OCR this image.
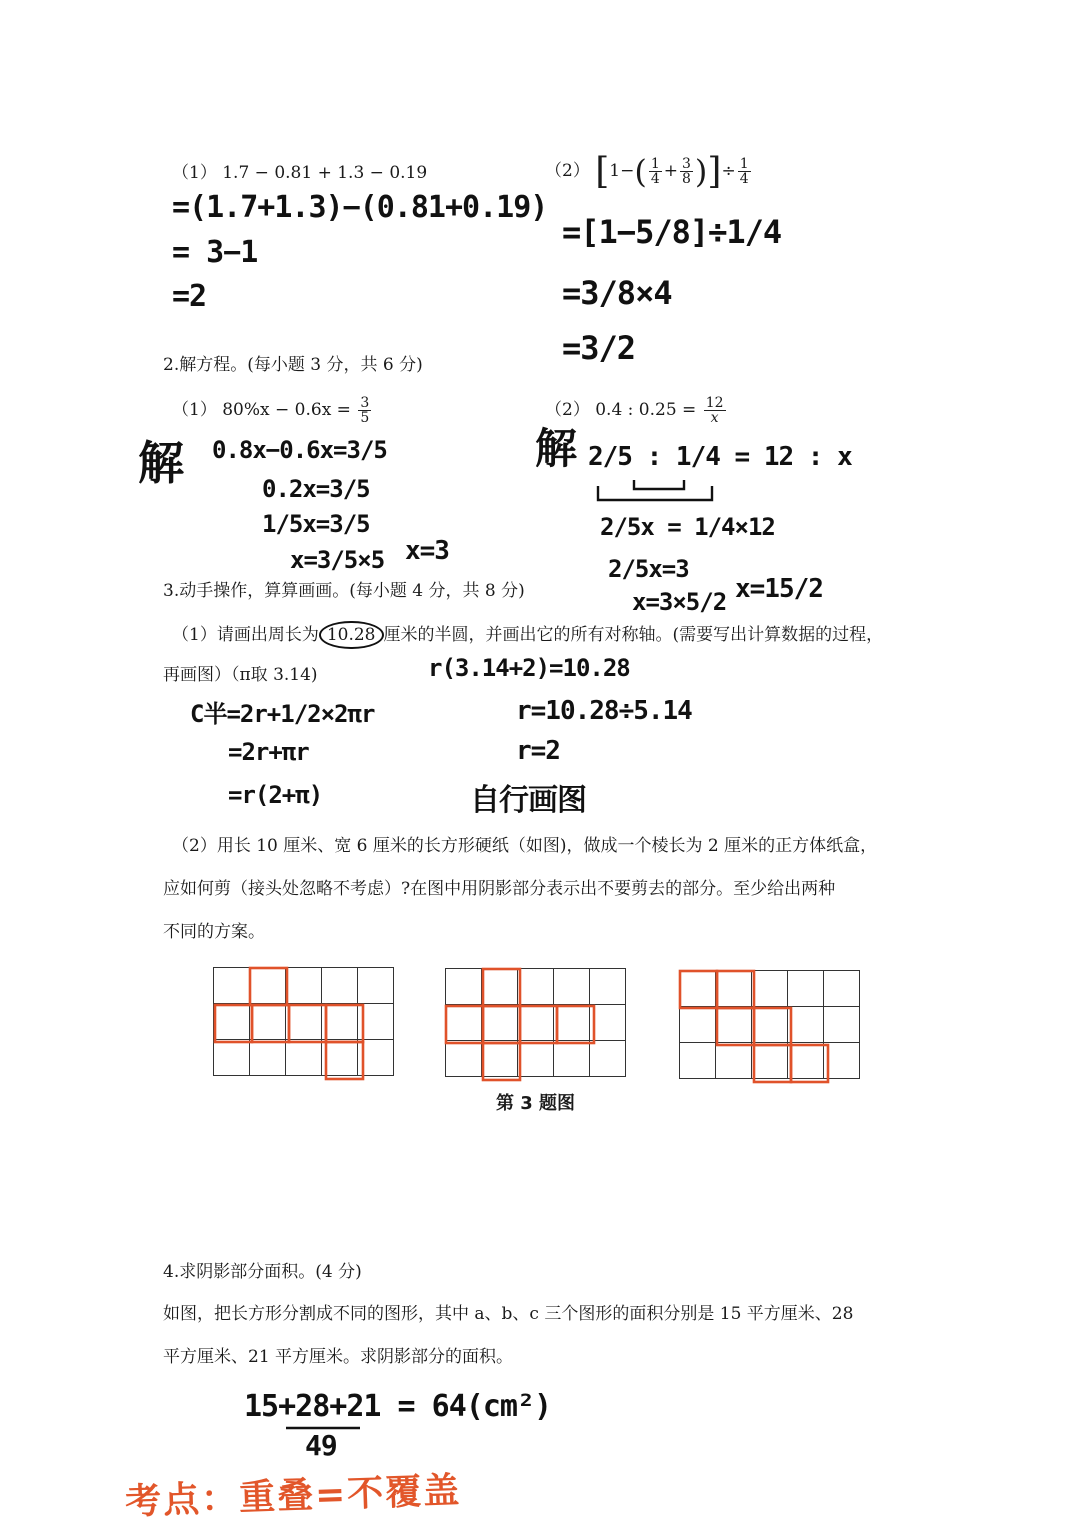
（1） 1.7 − 0.81 + 1.3 − 0.19
=(1.7+1.3)−(0.81+0.19)
= 3−1
=2
（2） [$1-( \frac{1}{4} + \frac{3}{8}$ )]÷ $\frac{1}{4}$
=[1−5/8]÷1/4
=3/8×4
=3/2
2.解方程。(每小题 3 分，共 6 分)
（1） $80\%x - 0.6x = \frac{3}{5}$
解 0.8x−0.6x=3/5
0.2x=3/5
1/5x=3/5
x=3/5×5 x=3
（2） 0.4 : $0.25 = \frac{12}{x}$
解 2/5 : 1/4 = 12 : x
2/5x = 1/4×12
2/5x=3
x=3×5/2 x=15/2
3.动手操作，算算画画。(每小题 4 分，共 8 分)
（1）请画出周长为 10.28 厘米的半圆，并画出它的所有对称轴。(需要写出计算数据的过程，
再画图）（π取 3.14)	r(3.14+2)=10.28
r=10.28÷5.14
r=2
C半=2r+1/2×2πr
=2r+πr
=r(2+π)	自行画图
（2）用长 10 厘米、宽 6 厘米的长方形硬纸（如图)，做成一个棱长为 2 厘米的正方体纸盒，
应如何剪（接头处忽略不考虑）?在图中用阴影部分表示出不要剪去的部分。至少给出两种
不同的方案。

第 3 题图
4.求阴影部分面积。(4 分)
如图，把长方形分割成不同的图形，其中 a、b、c 三个图形的面积分别是 15 平方厘米、28
平方厘米、21 平方厘米。求阴影部分的面积。
15+28+21 = 64(cm²)
49
考点：重叠=不覆盖
